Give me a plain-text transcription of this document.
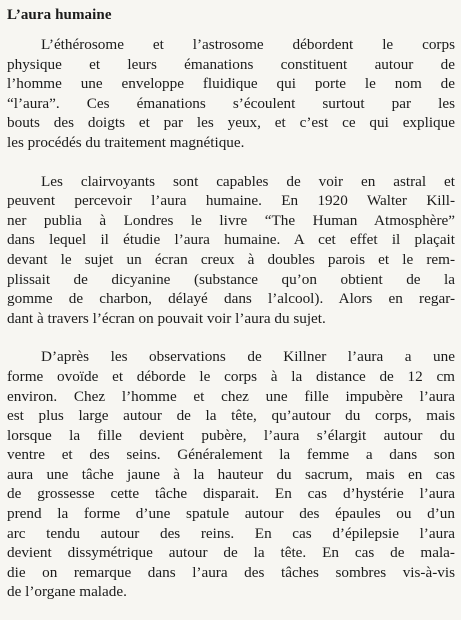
L’aura humaine

L’éthérosome et l’astrosome débordent le corps
physique et leurs émanations constituent autour de
l’homme une enveloppe fluidique qui porte le nom de
“l’aura”. Ces émanations s’écoulent surtout par les
bouts des doigts et par les yeux, et c’est ce qui explique
les procédés du traitement magnétique.

Les clairvoyants sont capables de voir en astral et
peuvent percevoir l’aura humaine. En 1920 Walter Kill-
ner publia à Londres le livre “The Human Atmosphère”
dans lequel il étudie l’aura humaine. A cet effet il plaçait
devant le sujet un écran creux à doubles parois et le rem-
plissait de dicyanine (substance qu’on obtient de la
gomme de charbon, délayé dans l’alcool). Alors en regar-
dant à travers l’écran on pouvait voir l’aura du sujet.

D’après les observations de Killner l’aura a une
forme ovoïde et déborde le corps à la distance de 12 cm
environ. Chez l’homme et chez une fille impubère l’aura
est plus large autour de la tête, qu’autour du corps, mais
lorsque la fille devient pubère, l’aura s’élargit autour du
ventre et des seins. Généralement la femme a dans son
aura une tâche jaune à la hauteur du sacrum, mais en cas
de grossesse cette tâche disparait. En cas d’hystérie l’aura
prend la forme d’une spatule autour des épaules ou d’un
arc tendu autour des reins. En cas d’épilepsie l’aura
devient dissymétrique autour de la tête. En cas de mala-
die on remarque dans l’aura des tâches sombres vis-à-vis
de l’organe malade.
